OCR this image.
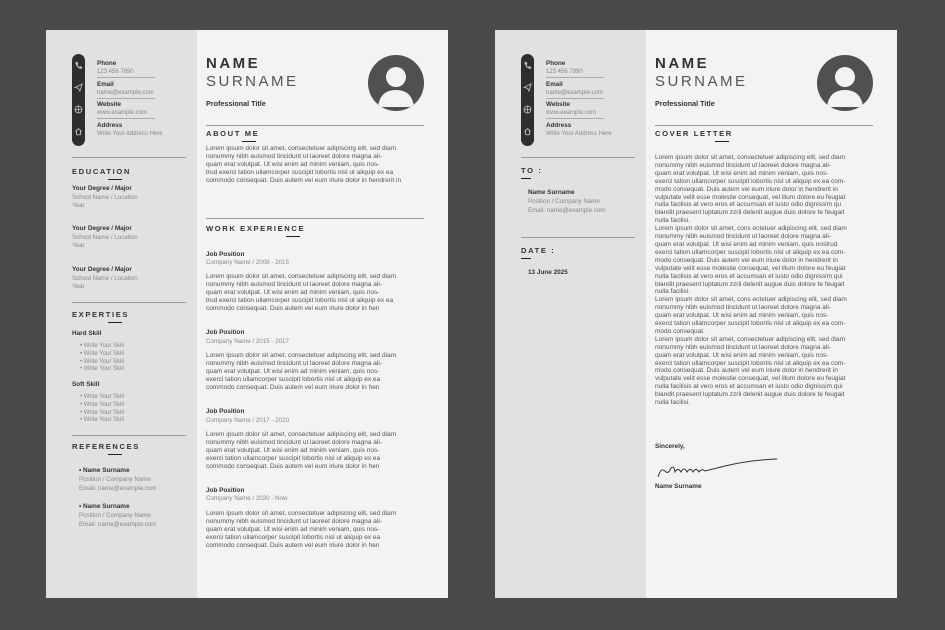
Phone
123 456 7890
Email
name@example.com
Website
www.example.com
Address
Write Your Address Here
EDUCATION
Your Degree / Major
School Name / Location
Year
Your Degree / Major
School Name / Location
Year
Your Degree / Major
School Name / Location
Year
EXPERTIES
Hard Skill
• Write Your Skill
• Write Your Skill
• Write Your Skill
• Write Your Skill
Soft Skill
• Write Your Skill
• Write Your Skill
• Write Your Skill
• Write Your Skill
REFERENCES
• Name Surname
Position / Company Name
Email: name@example.com
• Name Surname
Position / Company Name
Email: name@example.com
NAME
SURNAME
Professional Title
ABOUT ME
Lorem ipsum dolor sit amet, consectetuer adipiscing elit, sed diam
nonummy nibh euismod tincidunt ut laoreet dolore magna ali-
quam erat volutpat. Ut wisi enim ad minim veniam, quis nos-
trud exerci tation ullamcorper suscipit lobortis nisl ut aliquip ex ea
commodo consequat. Duis autem vel eum iriure dolor in hendrerit in
WORK EXPERIENCE
Job Position
Company Name / 2008 - 2015
Lorem ipsum dolor sit amet, consectetuer adipiscing elit, sed diam
nonummy nibh euismod tincidunt ut laoreet dolore magna ali-
quam erat volutpat. Ut wisi enim ad minim veniam, quis nos-
trud exerci tation ullamcorper suscipit lobortis nisl ut aliquip ex ea
commodo consequat. Duis autem vel eum iriure dolor in hen
Job Position
Company Name / 2015 - 2017
Lorem ipsum dolor sit amet, consectetuer adipiscing elit, sed diam
nonummy nibh euismod tincidunt ut laoreet dolore magna ali-
quam erat volutpat. Ut wisi enim ad minim veniam, quis nos-
exerci tation ullamcorper suscipit lobortis nisl ut aliquip ex ea
commodo consequat. Duis autem vel eum iriure dolor in hen
Job Position
Company Name / 2017 - 2020
Lorem ipsum dolor sit amet, consectetuer adipiscing elit, sed diam
nonummy nibh euismod tincidunt ut laoreet dolore magna ali-
quam erat volutpat. Ut wisi enim ad minim veniam, quis nos-
exerci tation ullamcorper suscipit lobortis nisl ut aliquip ex ea
commodo consequat. Duis autem vel eum iriure dolor in hen
Job Position
Company Name / 2020 - Now
Lorem ipsum dolor sit amet, consectetuer adipiscing elit, sed diam
nonummy nibh euismod tincidunt ut laoreet dolore magna ali-
quam erat volutpat. Ut wisi enim ad minim veniam, quis nos-
exerci tation ullamcorper suscipit lobortis nisl ut aliquip ex ea
commodo consequat. Duis autem vel eum iriure dolor in hen
Phone
123 456 7890
Email
name@example.com
Website
www.example.com
Address
Write Your Address Here
TO :
Name Surname
Position / Company Name
Email: name@example.com
DATE :
13 June 2025
NAME
SURNAME
Professional Title
COVER LETTER
Lorem ipsum dolor sit amet, consectetuer adipiscing elit, sed diam
nonummy nibh euismod tincidunt ut laoreet dolore magna ali-
quam erat volutpat. Ut wisi enim ad minim veniam, quis nos-
exerci tation ullamcorper suscipit lobortis nisl ut aliquip ex ea com-
modo consequat. Duis autem vel eum iriure dolor in hendrerit in
vulputate velit esse molestie consequat, vel illum dolore eu feugiat
nulla facilisis at vero eros et accumsan et iusto odio dignissim qu
blandit praesent luptatum zzril delenit augue duis dolore te feugait
nulla facilisi.
Lorem ipsum dolor sit amet, cons ectetuer adipiscing elit, sed diam
nonummy nibh euismod tincidunt ut laoreet dolore magna ali-
quam erat volutpat. Ut wisi enim ad minim veniam, quis nostrud
exerci tation ullamcorper suscipit lobortis nisl ut aliquip ex ea com-
modo consequat. Duis autem vel eum iriure dolor in hendrerit in
vulputate velit esse molestie consequat, vel illum dolore eu feugiat
nulla facilisis at vero eros et accumsan et iusto odio dignissim qui
blandit praesent luptatum zzril delenit augue duis dolore te feugait
nulla facilisi.
Lorem ipsum dolor sit amet, cons ectetuer adipiscing elit, sed diam
nonummy nibh euismod tincidunt ut laoreet dolore magna ali-
quam erat volutpat. Ut wisi enim ad minim veniam, quis nos-
exerci tation ullamcorper suscipit lobortis nisl ut aliquip ex ea com-
modo consequat.
Lorem ipsum dolor sit amet, consectetuer adipiscing elit, sed diam
nonummy nibh euismod tincidunt ut laoreet dolore magna ali-
quam erat volutpat. Ut wisi enim ad minim veniam, quis nos-
exerci tation ullamcorper suscipit lobortis nisl ut aliquip ex ea com-
modo consequat. Duis autem vel eum iriure dolor in hendrerit in
vulputate velit esse molestie consequat, vel illum dolore eu feugiat
nulla facilisis at vero eros et accumsan et iusto odio dignissim qui
blandit praesent luptatum zzril delenit augue duis dolore te feugait
nulla facilisi.
Sincerely,
Name Surname
